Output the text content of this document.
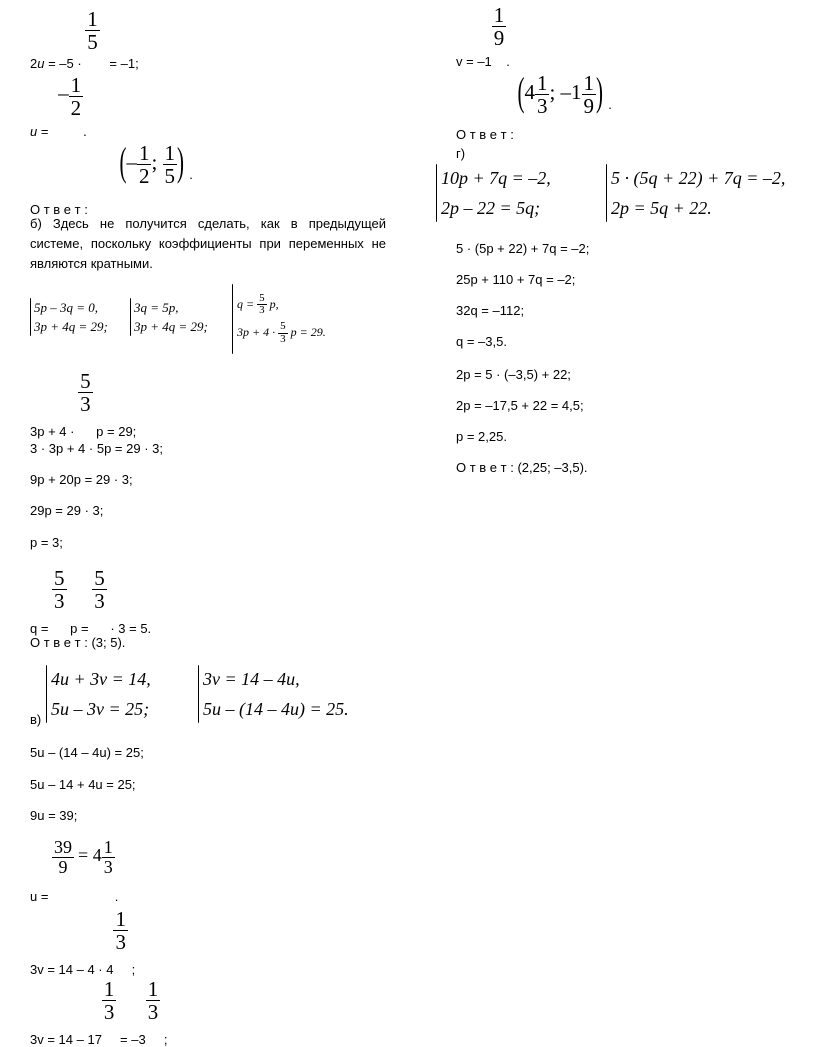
2u = –5 ·
$\frac{1}{5}$
= –1;
u = – $\frac{1}{2}$
.
О т в е т : (– $\frac{1}{2}$ ; $\frac{1}{5}$ ) .
б) Здесь не получится сделать, как в предыдущей системе, поскольку коэффициенты при переменных не являются кратными.
5p – 3q = 0,
3p + 4q = 29;
3q = 5p,
3p + 4q = 29;
$q = \frac{5}{3} p$,
$3p + 4 \cdot \frac{5}{3}$ p = 29.
3p + 4 ·
$\frac{5}{3}$
p = 29;
3 · 3p + 4 · 5p = 29 · 3;
9p + 20p = 29 · 3;
29p = 29 · 3;
p = 3;
q =
$\frac{5}{3}$
p =
$\frac{5}{3}$
· 3 = 5.
О т в е т : (3; 5).
4u + 3v = 14,
5u – 3v = 25;
3v = 14 – 4u,
5u – (14 – 4u) = 25.
в)
5u – (14 – 4u) = 25;
5u – 14 + 4u = 25;
9u = 39;
u =
$\frac{39}{9} = 4 \frac{1}{3}$
.
3v = 14 – 4 · 4
$\frac{1}{3}$
;
3v = 14 – 17
$\frac{1}{3}$
= –3
$\frac{1}{3}$
;
v = –1
$\frac{1}{9}$
.
О т в е т : ($4 \frac{1}{3}$ ; $-1 \frac{1}{9}$ ) .
г)
10p + 7q = –2,
2p – 22 = 5q;
5 · (5q + 22) + 7q = –2,
2p = 5q + 22.
5 · (5p + 22) + 7q = –2;
25p + 110 + 7q = –2;
32q = –112;
q = –3,5.
2p = 5 · (–3,5) + 22;
2p = –17,5 + 22 = 4,5;
p = 2,25.
О т в е т : (2,25; –3,5).
